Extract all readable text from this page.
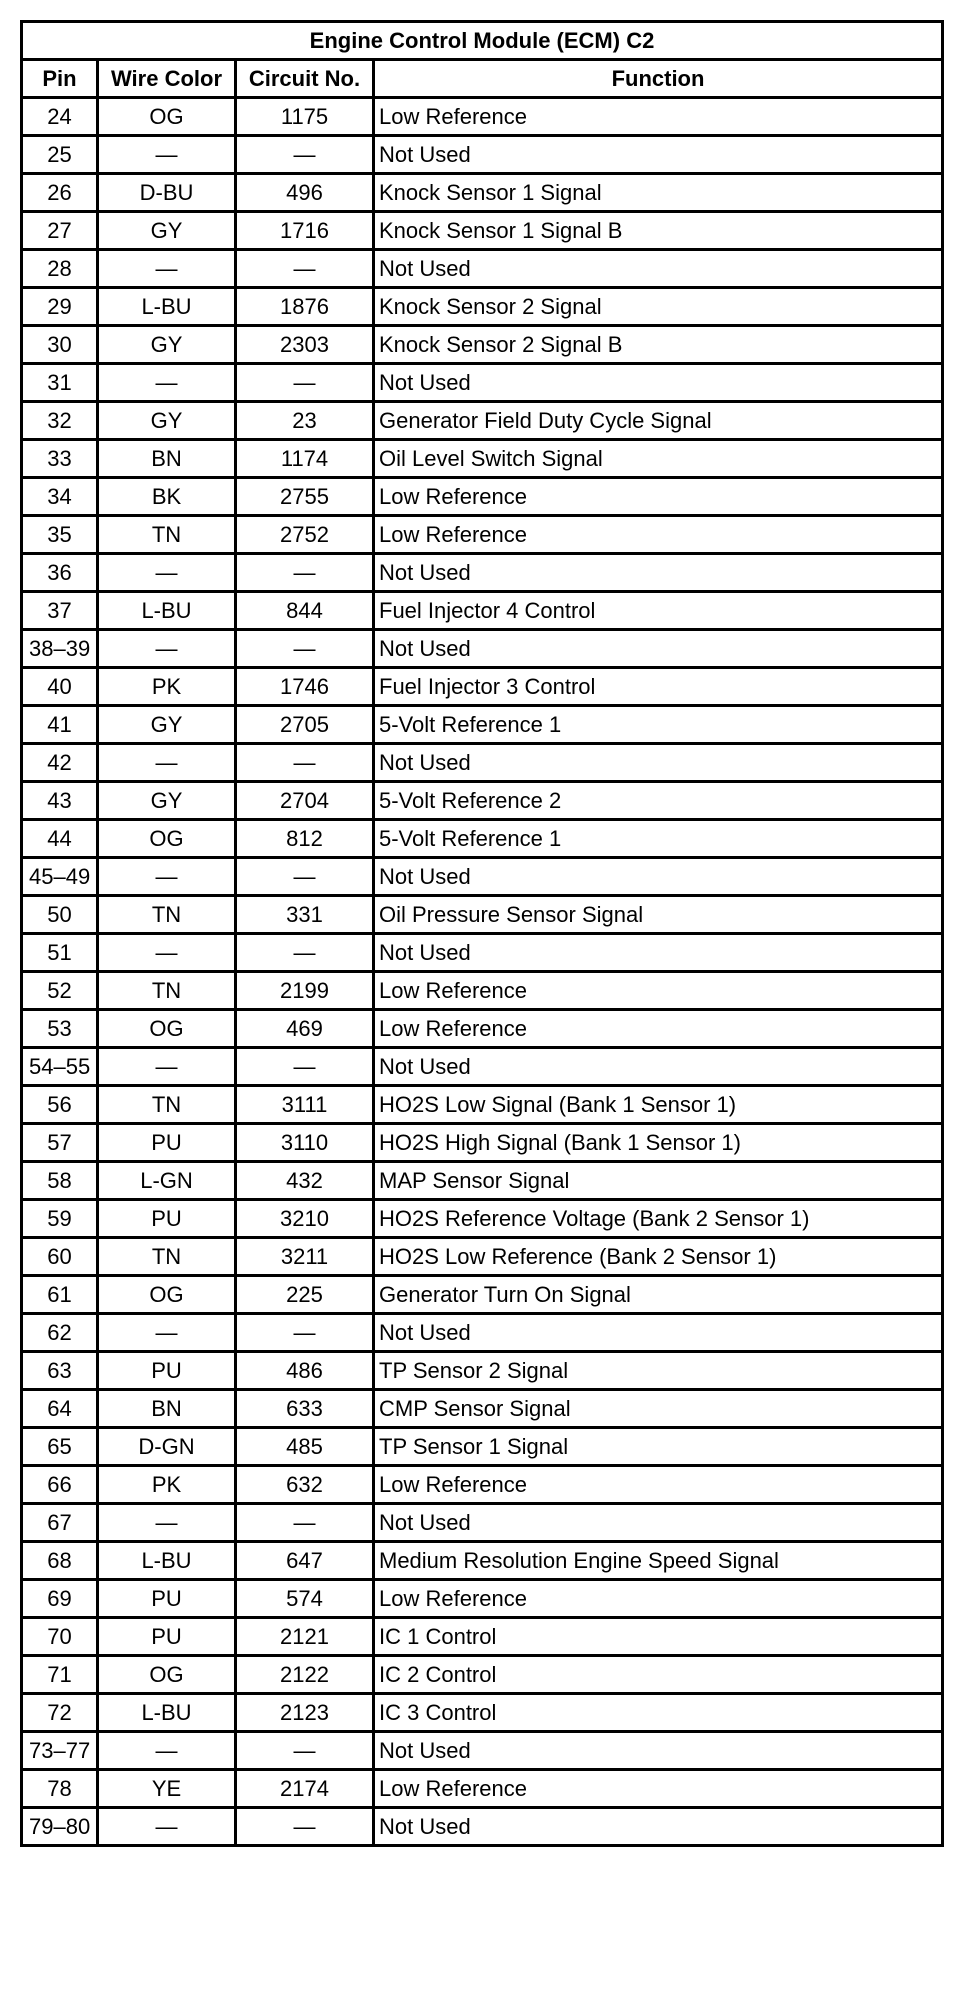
Engine Control Module (ECM) C2			
Pin	Wire Color	Circuit No.	Function
24	OG	1175	Low Reference
25	—	—	Not Used
26	D-BU	496	Knock Sensor 1 Signal
27	GY	1716	Knock Sensor 1 Signal B
28	—	—	Not Used
29	L-BU	1876	Knock Sensor 2 Signal
30	GY	2303	Knock Sensor 2 Signal B
31	—	—	Not Used
32	GY	23	Generator Field Duty Cycle Signal
33	BN	1174	Oil Level Switch Signal
34	BK	2755	Low Reference
35	TN	2752	Low Reference
36	—	—	Not Used
37	L-BU	844	Fuel Injector 4 Control
38–39	—	—	Not Used
40	PK	1746	Fuel Injector 3 Control
41	GY	2705	5-Volt Reference 1
42	—	—	Not Used
43	GY	2704	5-Volt Reference 2
44	OG	812	5-Volt Reference 1
45–49	—	—	Not Used
50	TN	331	Oil Pressure Sensor Signal
51	—	—	Not Used
52	TN	2199	Low Reference
53	OG	469	Low Reference
54–55	—	—	Not Used
56	TN	3111	HO2S Low Signal (Bank 1 Sensor 1)
57	PU	3110	HO2S High Signal (Bank 1 Sensor 1)
58	L-GN	432	MAP Sensor Signal
59	PU	3210	HO2S Reference Voltage (Bank 2 Sensor 1)
60	TN	3211	HO2S Low Reference (Bank 2 Sensor 1)
61	OG	225	Generator Turn On Signal
62	—	—	Not Used
63	PU	486	TP Sensor 2 Signal
64	BN	633	CMP Sensor Signal
65	D-GN	485	TP Sensor 1 Signal
66	PK	632	Low Reference
67	—	—	Not Used
68	L-BU	647	Medium Resolution Engine Speed Signal
69	PU	574	Low Reference
70	PU	2121	IC 1 Control
71	OG	2122	IC 2 Control
72	L-BU	2123	IC 3 Control
73–77	—	—	Not Used
78	YE	2174	Low Reference
79–80	—	—	Not Used
